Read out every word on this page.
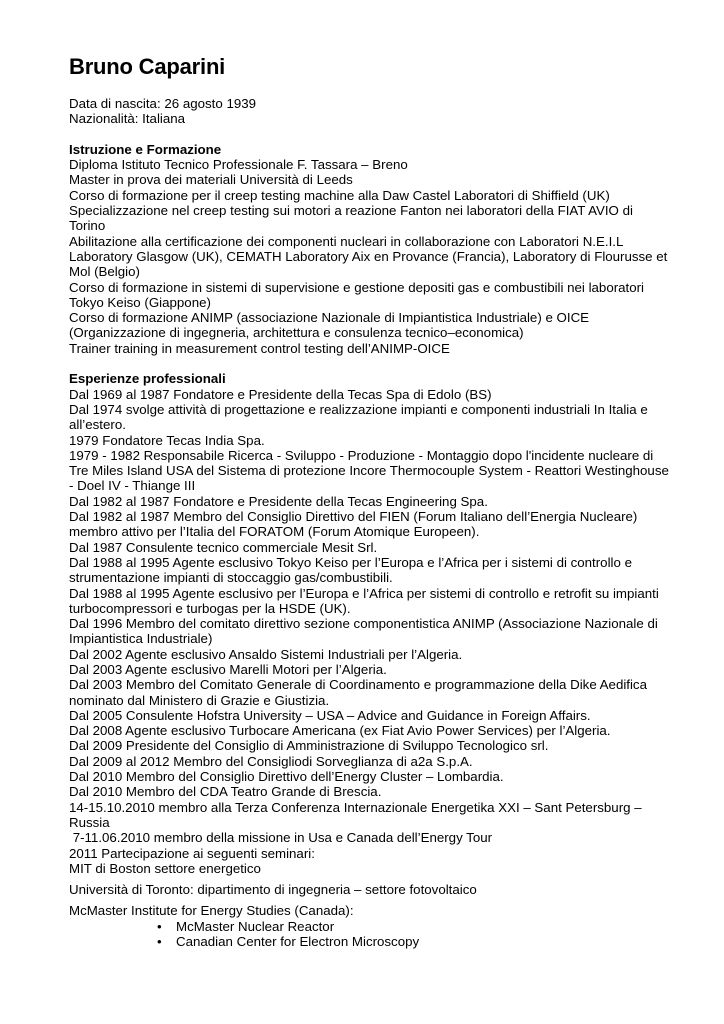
Bruno Caparini

Data di nascita: 26 agosto 1939

Nazionalità: Italiana

Istruzione e Formazione

Diploma Istituto Tecnico Professionale F. Tassara – Breno

Master in prova dei materiali Università di Leeds

Corso di formazione per il creep testing machine alla Daw Castel Laboratori di Shiffield (UK)

Specializzazione nel creep testing sui motori a reazione Fanton nei laboratori della FIAT AVIO di Torino

Abilitazione alla certificazione dei componenti nucleari in collaborazione con Laboratori N.E.I.L Laboratory Glasgow (UK), CEMATH Laboratory Aix en Provance (Francia), Laboratory di Flourusse et Mol (Belgio)

Corso di formazione in sistemi di supervisione e gestione depositi gas e combustibili nei laboratori Tokyo Keiso (Giappone)

Corso di formazione ANIMP (associazione Nazionale di Impiantistica Industriale) e OICE (Organizzazione di ingegneria, architettura e consulenza tecnico–economica)

Trainer training in measurement control testing dell’ANIMP-OICE

Esperienze professionali

Dal 1969 al 1987 Fondatore e Presidente della Tecas Spa di Edolo (BS)

Dal 1974 svolge attività di progettazione e realizzazione impianti e componenti industriali In Italia e all’estero.

1979 Fondatore Tecas India Spa.

1979 - 1982 Responsabile Ricerca - Sviluppo - Produzione - Montaggio dopo l'incidente nucleare di Tre Miles Island USA del Sistema di protezione Incore Thermocouple System - Reattori Westinghouse - Doel IV - Thiange III

Dal 1982 al 1987 Fondatore e Presidente della Tecas Engineering Spa.

Dal 1982 al 1987 Membro del Consiglio Direttivo del FIEN (Forum Italiano dell’Energia Nucleare) membro attivo per l’Italia del FORATOM (Forum Atomique Europeen).

Dal 1987 Consulente tecnico commerciale Mesit Srl.

Dal 1988 al 1995 Agente esclusivo Tokyo Keiso per l’Europa e l’Africa per i sistemi di controllo e strumentazione impianti di stoccaggio gas/combustibili.

Dal 1988 al 1995 Agente esclusivo per l’Europa e l’Africa per sistemi di controllo e retrofit su impianti turbocompressori e turbogas per la HSDE (UK).

Dal 1996 Membro del comitato direttivo sezione componentistica ANIMP (Associazione Nazionale di Impiantistica Industriale)

Dal 2002 Agente esclusivo Ansaldo Sistemi Industriali per l’Algeria.

Dal 2003 Agente esclusivo Marelli Motori per l’Algeria.

Dal 2003 Membro del Comitato Generale di Coordinamento e programmazione della Dike Aedifica nominato dal Ministero di Grazie e Giustizia.

Dal 2005 Consulente Hofstra University – USA – Advice and Guidance in Foreign Affairs.

Dal 2008 Agente esclusivo Turbocare Americana (ex Fiat Avio Power Services) per l’Algeria.

Dal 2009 Presidente del Consiglio di Amministrazione di Sviluppo Tecnologico srl.

Dal 2009 al 2012 Membro del Consigliodi Sorveglianza di a2a S.p.A.

Dal 2010 Membro del Consiglio Direttivo dell’Energy Cluster – Lombardia.

Dal 2010 Membro del CDA Teatro Grande di Brescia.

14-15.10.2010 membro alla Terza Conferenza Internazionale Energetika XXI – Sant Petersburg – Russia

7-11.06.2010 membro della missione in Usa e Canada dell’Energy Tour

2011 Partecipazione ai seguenti seminari:

MIT di Boston settore energetico

Università di Toronto: dipartimento di ingegneria – settore fotovoltaico

McMaster Institute for Energy Studies (Canada):

• McMaster Nuclear Reactor
• Canadian Center for Electron Microscopy
